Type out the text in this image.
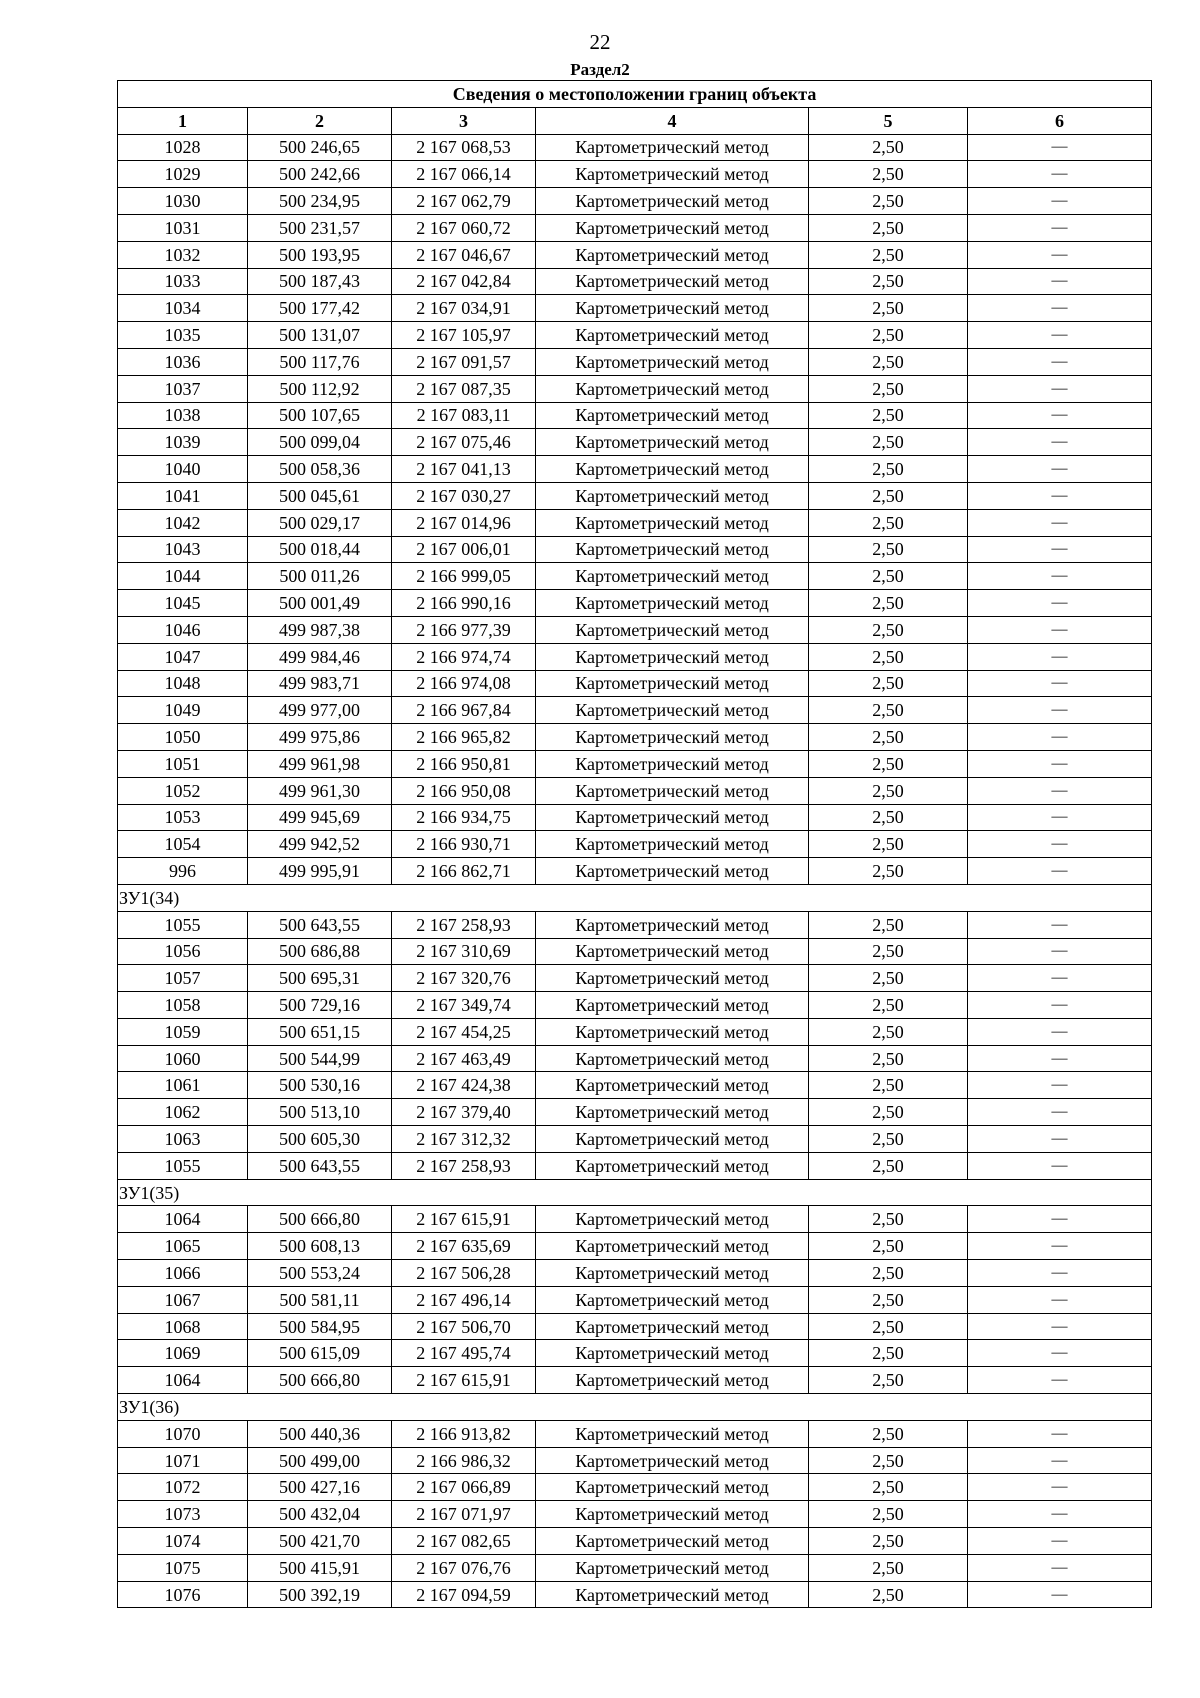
22
Раздел2
Сведения о местоположении границ объекта					
1	2	3	4	5	6
1028	500 246,65	2 167 068,53	Картометрический метод	2,50	—
1029	500 242,66	2 167 066,14	Картометрический метод	2,50	—
1030	500 234,95	2 167 062,79	Картометрический метод	2,50	—
1031	500 231,57	2 167 060,72	Картометрический метод	2,50	—
1032	500 193,95	2 167 046,67	Картометрический метод	2,50	—
1033	500 187,43	2 167 042,84	Картометрический метод	2,50	—
1034	500 177,42	2 167 034,91	Картометрический метод	2,50	—
1035	500 131,07	2 167 105,97	Картометрический метод	2,50	—
1036	500 117,76	2 167 091,57	Картометрический метод	2,50	—
1037	500 112,92	2 167 087,35	Картометрический метод	2,50	—
1038	500 107,65	2 167 083,11	Картометрический метод	2,50	—
1039	500 099,04	2 167 075,46	Картометрический метод	2,50	—
1040	500 058,36	2 167 041,13	Картометрический метод	2,50	—
1041	500 045,61	2 167 030,27	Картометрический метод	2,50	—
1042	500 029,17	2 167 014,96	Картометрический метод	2,50	—
1043	500 018,44	2 167 006,01	Картометрический метод	2,50	—
1044	500 011,26	2 166 999,05	Картометрический метод	2,50	—
1045	500 001,49	2 166 990,16	Картометрический метод	2,50	—
1046	499 987,38	2 166 977,39	Картометрический метод	2,50	—
1047	499 984,46	2 166 974,74	Картометрический метод	2,50	—
1048	499 983,71	2 166 974,08	Картометрический метод	2,50	—
1049	499 977,00	2 166 967,84	Картометрический метод	2,50	—
1050	499 975,86	2 166 965,82	Картометрический метод	2,50	—
1051	499 961,98	2 166 950,81	Картометрический метод	2,50	—
1052	499 961,30	2 166 950,08	Картометрический метод	2,50	—
1053	499 945,69	2 166 934,75	Картометрический метод	2,50	—
1054	499 942,52	2 166 930,71	Картометрический метод	2,50	—
996	499 995,91	2 166 862,71	Картометрический метод	2,50	—
ЗУ1(34)					
1055	500 643,55	2 167 258,93	Картометрический метод	2,50	—
1056	500 686,88	2 167 310,69	Картометрический метод	2,50	—
1057	500 695,31	2 167 320,76	Картометрический метод	2,50	—
1058	500 729,16	2 167 349,74	Картометрический метод	2,50	—
1059	500 651,15	2 167 454,25	Картометрический метод	2,50	—
1060	500 544,99	2 167 463,49	Картометрический метод	2,50	—
1061	500 530,16	2 167 424,38	Картометрический метод	2,50	—
1062	500 513,10	2 167 379,40	Картометрический метод	2,50	—
1063	500 605,30	2 167 312,32	Картометрический метод	2,50	—
1055	500 643,55	2 167 258,93	Картометрический метод	2,50	—
ЗУ1(35)					
1064	500 666,80	2 167 615,91	Картометрический метод	2,50	—
1065	500 608,13	2 167 635,69	Картометрический метод	2,50	—
1066	500 553,24	2 167 506,28	Картометрический метод	2,50	—
1067	500 581,11	2 167 496,14	Картометрический метод	2,50	—
1068	500 584,95	2 167 506,70	Картометрический метод	2,50	—
1069	500 615,09	2 167 495,74	Картометрический метод	2,50	—
1064	500 666,80	2 167 615,91	Картометрический метод	2,50	—
ЗУ1(36)					
1070	500 440,36	2 166 913,82	Картометрический метод	2,50	—
1071	500 499,00	2 166 986,32	Картометрический метод	2,50	—
1072	500 427,16	2 167 066,89	Картометрический метод	2,50	—
1073	500 432,04	2 167 071,97	Картометрический метод	2,50	—
1074	500 421,70	2 167 082,65	Картометрический метод	2,50	—
1075	500 415,91	2 167 076,76	Картометрический метод	2,50	—
1076	500 392,19	2 167 094,59	Картометрический метод	2,50	—
